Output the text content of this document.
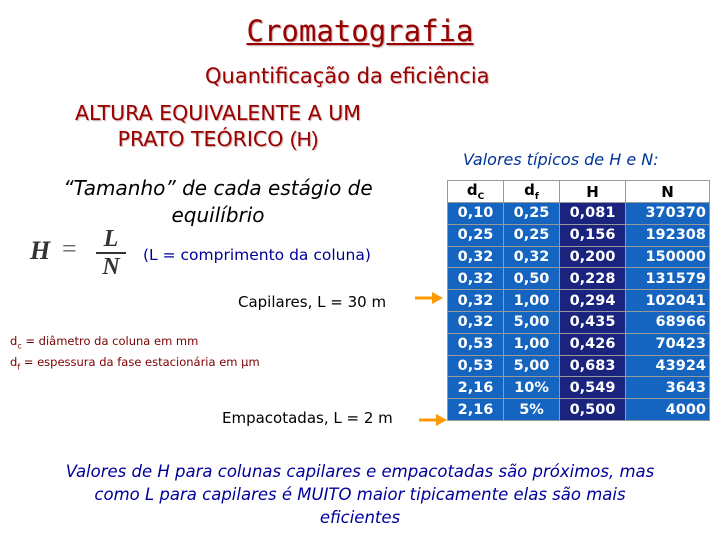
Cromatografia
Quantificação da eficiência
ALTURA EQUIVALENTE A UM
PRATO TEÓRICO (H)
“Tamanho” de cada estágio de
equilíbrio
H =	L
N	(L = comprimento da coluna)
Capilares, L = 30 m
$d_c$ = diâmetro da coluna em mm
$d_f$ = espessura da fase estacionária em µm
Empacotadas, L = 2 m
Valores típicos de H e N:
$d_C$	$d_f$	H	N
0,10	0,25	0,081	370370
0,25	0,25	0,156	192308
0,32	0,32	0,200	150000
0,32	0,50	0,228	131579
0,32	1,00	0,294	102041
0,32	5,00	0,435	68966
0,53	1,00	0,426	70423
0,53	5,00	0,683	43924
2,16	10%	0,549	3643
2,16	5%	0,500	4000
Valores de H para colunas capilares e empacotadas são próximos, mas
como L para capilares é MUITO maior tipicamente elas são mais
eficientes
